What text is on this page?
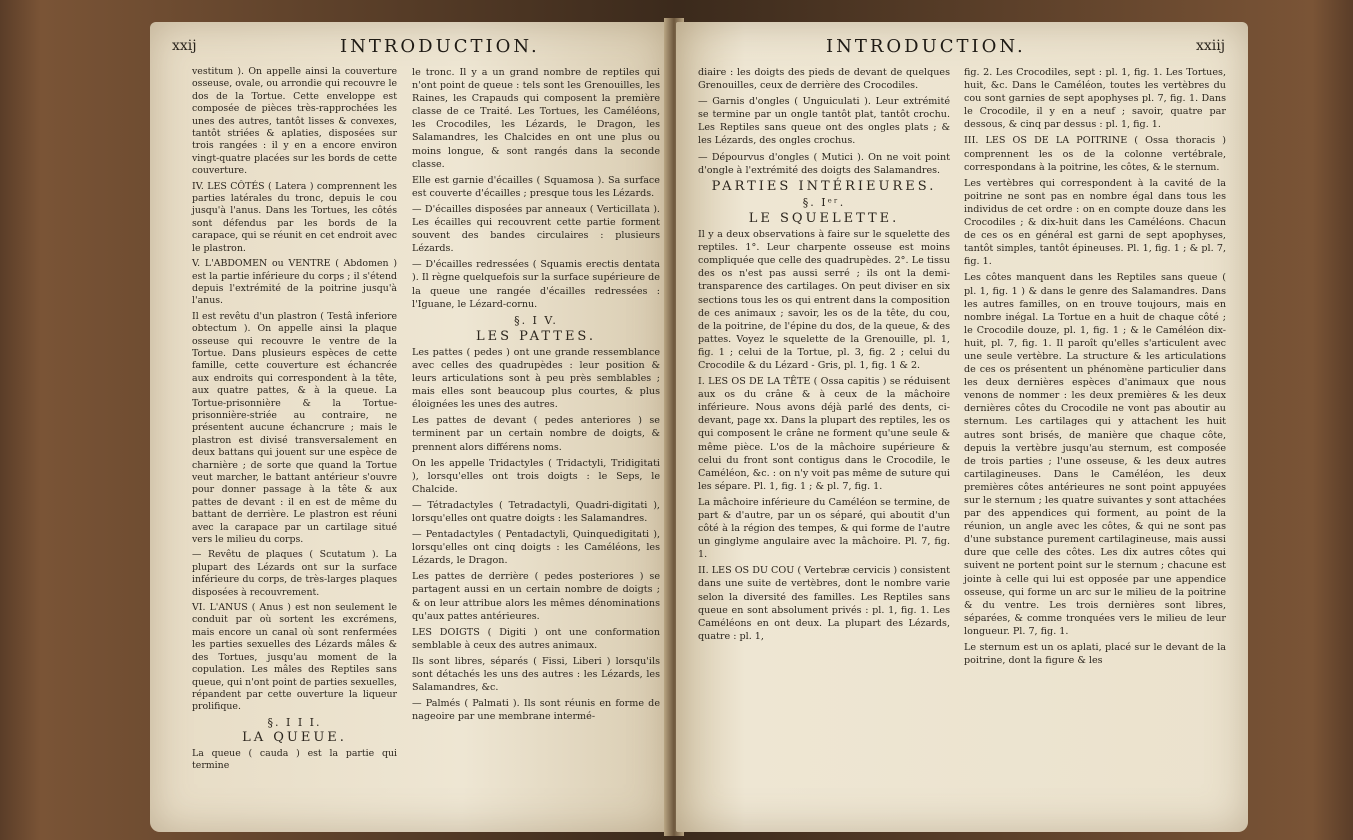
xxij	INTRODUCTION.

vestitum ). On appelle ainsi la couverture osseuse, ovale, ou arrondie qui recouvre le dos de la Tortue. Cette enveloppe est composée de pièces très-rapprochées les unes des autres, tantôt lisses & convexes, tantôt striées & aplaties, disposées sur trois rangées : il y en a encore environ vingt-quatre placées sur les bords de cette couverture.

IV. LES CÔTÉS ( Latera ) comprennent les parties latérales du tronc, depuis le cou jusqu'à l'anus. Dans les Tortues, les côtés sont défendus par les bords de la carapace, qui se réunit en cet endroit avec le plastron.

V. L'ABDOMEN ou VENTRE ( Abdomen ) est la partie inférieure du corps ; il s'étend depuis l'extrémité de la poitrine jusqu'à l'anus.

Il est revêtu d'un plastron ( Testâ inferiore obtectum ). On appelle ainsi la plaque osseuse qui recouvre le ventre de la Tortue. Dans plusieurs espèces de cette famille, cette couverture est échancrée aux endroits qui correspondent à la tête, aux quatre pattes, & à la queue. La Tortue-prisonnière & la Tortue-prisonnière-striée au contraire, ne présentent aucune échancrure ; mais le plastron est divisé transversalement en deux battans qui jouent sur une espèce de charnière ; de sorte que quand la Tortue veut marcher, le battant antérieur s'ouvre pour donner passage à la tête & aux pattes de devant : il en est de même du battant de derrière. Le plastron est réuni avec la carapace par un cartilage situé vers le milieu du corps.

— Revêtu de plaques ( Scutatum ). La plupart des Lézards ont sur la surface inférieure du corps, de très-larges plaques disposées à recouvrement.

VI. L'ANUS ( Anus ) est non seulement le conduit par où sortent les excrémens, mais encore un canal où sont renfermées les parties sexuelles des Lézards mâles & des Tortues, jusqu'au moment de la copulation. Les mâles des Reptiles sans queue, qui n'ont point de parties sexuelles, répandent par cette ouverture la liqueur prolifique.

§. I I I.

LA QUEUE.

La queue ( cauda ) est la partie qui termine

le tronc. Il y a un grand nombre de reptiles qui n'ont point de queue : tels sont les Grenouilles, les Raines, les Crapauds qui composent la première classe de ce Traité. Les Tortues, les Caméléons, les Crocodiles, les Lézards, le Dragon, les Salamandres, les Chalcides en ont une plus ou moins longue, & sont rangés dans la seconde classe.

Elle est garnie d'écailles ( Squamosa ). Sa surface est couverte d'écailles ; presque tous les Lézards.

— D'écailles disposées par anneaux ( Verticillata ). Les écailles qui recouvrent cette partie forment souvent des bandes circulaires : plusieurs Lézards.

— D'écailles redressées ( Squamis erectis dentata ). Il règne quelquefois sur la surface supérieure de la queue une rangée d'écailles redressées : l'Iguane, le Lézard-cornu.

§. I V.

LES PATTES.

Les pattes ( pedes ) ont une grande ressemblance avec celles des quadrupèdes : leur position & leurs articulations sont à peu près semblables ; mais elles sont beaucoup plus courtes, & plus éloignées les unes des autres.

Les pattes de devant ( pedes anteriores ) se terminent par un certain nombre de doigts, & prennent alors différens noms.

On les appelle Tridactyles ( Tridactyli, Tridigitati ), lorsqu'elles ont trois doigts : le Seps, le Chalcide.

— Tétradactyles ( Tetradactyli, Quadri-digitati ), lorsqu'elles ont quatre doigts : les Salamandres.

— Pentadactyles ( Pentadactyli, Quinquedigitati ), lorsqu'elles ont cinq doigts : les Caméléons, les Lézards, le Dragon.

Les pattes de derrière ( pedes posteriores ) se partagent aussi en un certain nombre de doigts ; & on leur attribue alors les mêmes dénominations qu'aux pattes antérieures.

LES DOIGTS ( Digiti ) ont une conformation semblable à ceux des autres animaux.

Ils sont libres, séparés ( Fissi, Liberi ) lorsqu'ils sont détachés les uns des autres : les Lézards, les Salamandres, &c.

— Palmés ( Palmati ). Ils sont réunis en forme de nageoire par une membrane intermé-

INTRODUCTION.	xxiij

diaire : les doigts des pieds de devant de quelques Grenouilles, ceux de derrière des Crocodiles.

— Garnis d'ongles ( Unguiculati ). Leur extrémité se termine par un ongle tantôt plat, tantôt crochu. Les Reptiles sans queue ont des ongles plats ; & les Lézards, des ongles crochus.

— Dépourvus d'ongles ( Mutici ). On ne voit point d'ongle à l'extrémité des doigts des Salamandres.

PARTIES INTÉRIEURES.

§. Iᵉʳ.

LE SQUELETTE.

Il y a deux observations à faire sur le squelette des reptiles. 1°. Leur charpente osseuse est moins compliquée que celle des quadrupèdes. 2°. Le tissu des os n'est pas aussi serré ; ils ont la demi-transparence des cartilages. On peut diviser en six sections tous les os qui entrent dans la composition de ces animaux ; savoir, les os de la tête, du cou, de la poitrine, de l'épine du dos, de la queue, & des pattes. Voyez le squelette de la Grenouille, pl. 1, fig. 1 ; celui de la Tortue, pl. 3, fig. 2 ; celui du Crocodile & du Lézard - Gris, pl. 1, fig. 1 & 2.

I. LES OS DE LA TÊTE ( Ossa capitis ) se réduisent aux os du crâne & à ceux de la mâchoire inférieure. Nous avons déjà parlé des dents, ci-devant, page xx. Dans la plupart des reptiles, les os qui composent le crâne ne forment qu'une seule & même pièce. L'os de la mâchoire supérieure & celui du front sont contigus dans le Crocodile, le Caméléon, &c. : on n'y voit pas même de suture qui les sépare. Pl. 1, fig. 1 ; & pl. 7, fig. 1.

La mâchoire inférieure du Caméléon se termine, de part & d'autre, par un os séparé, qui aboutit d'un côté à la région des tempes, & qui forme de l'autre un ginglyme angulaire avec la mâchoire. Pl. 7, fig. 1.

II. LES OS DU COU ( Vertebræ cervicis ) consistent dans une suite de vertèbres, dont le nombre varie selon la diversité des familles. Les Reptiles sans queue en sont absolument privés : pl. 1, fig. 1. Les Caméléons en ont deux. La plupart des Lézards, quatre : pl. 1,

fig. 2. Les Crocodiles, sept : pl. 1, fig. 1. Les Tortues, huit, &c. Dans le Caméléon, toutes les vertèbres du cou sont garnies de sept apophyses pl. 7, fig. 1. Dans le Crocodile, il y en a neuf ; savoir, quatre par dessous, & cinq par dessus : pl. 1, fig. 1.

III. LES OS DE LA POITRINE ( Ossa thoracis ) comprennent les os de la colonne vertébrale, correspondans à la poitrine, les côtes, & le sternum.

Les vertèbres qui correspondent à la cavité de la poitrine ne sont pas en nombre égal dans tous les individus de cet ordre : on en compte douze dans les Crocodiles ; & dix-huit dans les Caméléons. Chacun de ces os en général est garni de sept apophyses, tantôt simples, tantôt épineuses. Pl. 1, fig. 1 ; & pl. 7, fig. 1.

Les côtes manquent dans les Reptiles sans queue ( pl. 1, fig. 1 ) & dans le genre des Salamandres. Dans les autres familles, on en trouve toujours, mais en nombre inégal. La Tortue en a huit de chaque côté ; le Crocodile douze, pl. 1, fig. 1 ; & le Caméléon dix-huit, pl. 7, fig. 1. Il paroît qu'elles s'articulent avec une seule vertèbre. La structure & les articulations de ces os présentent un phénomène particulier dans les deux dernières espèces d'animaux que nous venons de nommer : les deux premières & les deux dernières côtes du Crocodile ne vont pas aboutir au sternum. Les cartilages qui y attachent les huit autres sont brisés, de manière que chaque côte, depuis la vertèbre jusqu'au sternum, est composée de trois parties ; l'une osseuse, & les deux autres cartilagineuses. Dans le Caméléon, les deux premières côtes antérieures ne sont point appuyées sur le sternum ; les quatre suivantes y sont attachées par des appendices qui forment, au point de la réunion, un angle avec les côtes, & qui ne sont pas d'une substance purement cartilagineuse, mais aussi dure que celle des côtes. Les dix autres côtes qui suivent ne portent point sur le sternum ; chacune est jointe à celle qui lui est opposée par une appendice osseuse, qui forme un arc sur le milieu de la poitrine & du ventre. Les trois dernières sont libres, séparées, & comme tronquées vers le milieu de leur longueur. Pl. 7, fig. 1.

Le sternum est un os aplati, placé sur le devant de la poitrine, dont la figure & les
